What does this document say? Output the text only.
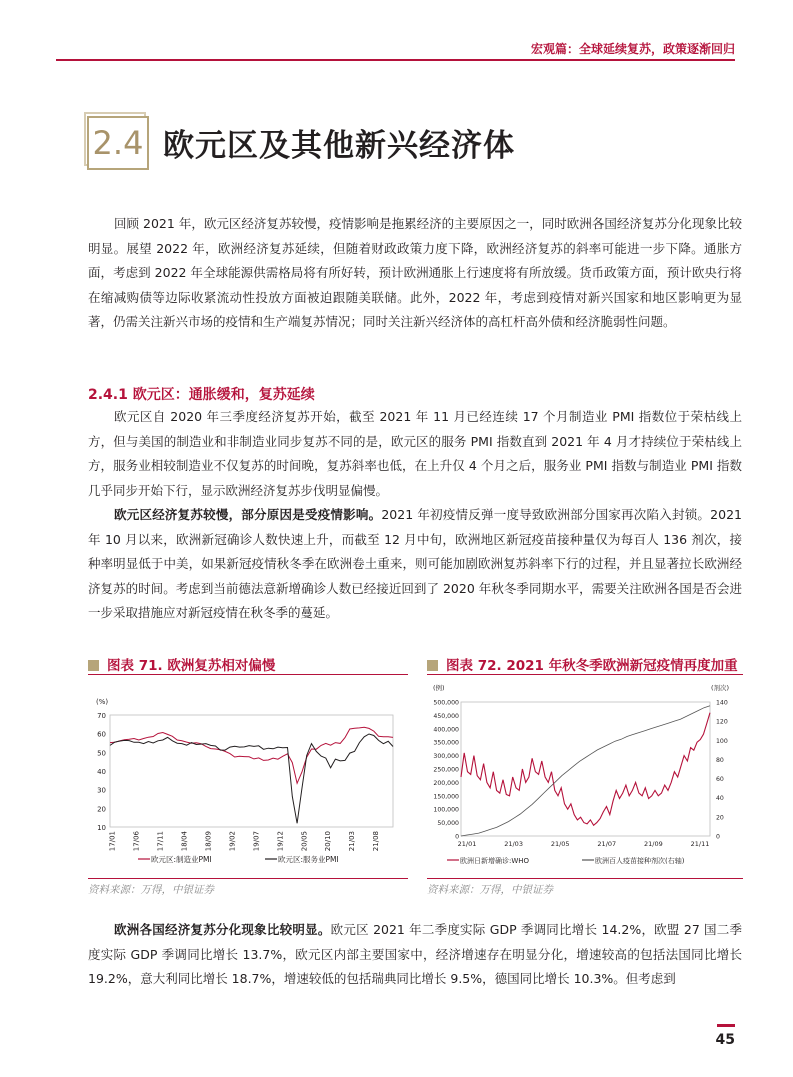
宏观篇：全球延续复苏，政策逐渐回归
2.4 欧元区及其他新兴经济体
回顾 2021 年，欧元区经济复苏较慢，疫情影响是拖累经济的主要原因之一，同时欧洲各国经济复苏分化现象比较明显。展望 2022 年，欧洲经济复苏延续，但随着财政政策力度下降，欧洲经济复苏的斜率可能进一步下降。通胀方面，考虑到 2022 年全球能源供需格局将有所好转，预计欧洲通胀上行速度将有所放缓。货币政策方面，预计欧央行将在缩减购债等边际收紧流动性投放方面被迫跟随美联储。此外，2022 年，考虑到疫情对新兴国家和地区影响更为显著，仍需关注新兴市场的疫情和生产端复苏情况；同时关注新兴经济体的高杠杆高外债和经济脆弱性问题。
2.4.1 欧元区：通胀缓和，复苏延续
欧元区自 2020 年三季度经济复苏开始，截至 2021 年 11 月已经连续 17 个月制造业 PMI 指数位于荣枯线上方，但与美国的制造业和非制造业同步复苏不同的是，欧元区的服务 PMI 指数直到 2021 年 4 月才持续位于荣枯线上方，服务业相较制造业不仅复苏的时间晚，复苏斜率也低，在上升仅 4 个月之后，服务业 PMI 指数与制造业 PMI 指数几乎同步开始下行，显示欧洲经济复苏步伐明显偏慢。
欧元区经济复苏较慢，部分原因是受疫情影响。2021 年初疫情反弹一度导致欧洲部分国家再次陷入封锁。2021 年 10 月以来，欧洲新冠确诊人数快速上升，而截至 12 月中旬，欧洲地区新冠疫苗接种量仅为每百人 136 剂次，接种率明显低于中美，如果新冠疫情秋冬季在欧洲卷土重来，则可能加剧欧洲复苏斜率下行的过程，并且显著拉长欧洲经济复苏的时间。考虑到当前德法意新增确诊人数已经接近回到了 2020 年秋冬季同期水平，需要关注欧洲各国是否会进一步采取措施应对新冠疫情在秋冬季的蔓延。
图表 71. 欧洲复苏相对偏慢
(%)
70
60
50
40
30
20
10
17/01 17/06 17/11 18/04 18/09 19/02 19/07 19/12 20/05 20/10 21/03 21/08
欧元区:制造业PMI	欧元区:服务业PMI
资料来源：万得，中银证券
图表 72. 2021 年秋冬季欧洲新冠疫情再度加重
(例)	(剂次)
500,000
450,000
400,000
350,000
300,000
250,000
200,000
150,000
100,000
50,000
0
140
120
100
80
60
40
20
0
21/01	21/03	21/05	21/07	21/09	21/11
欧洲日新增确诊:WHO	欧洲百人疫苗接种剂次(右轴)
资料来源：万得，中银证券
欧洲各国经济复苏分化现象比较明显。欧元区 2021 年二季度实际 GDP 季调同比增长 14.2%，欧盟 27 国二季度实际 GDP 季调同比增长 13.7%，欧元区内部主要国家中，经济增速存在明显分化，增速较高的包括法国同比增长 19.2%，意大利同比增长 18.7%，增速较低的包括瑞典同比增长 9.5%，德国同比增长 10.3%。但考虑到
45
